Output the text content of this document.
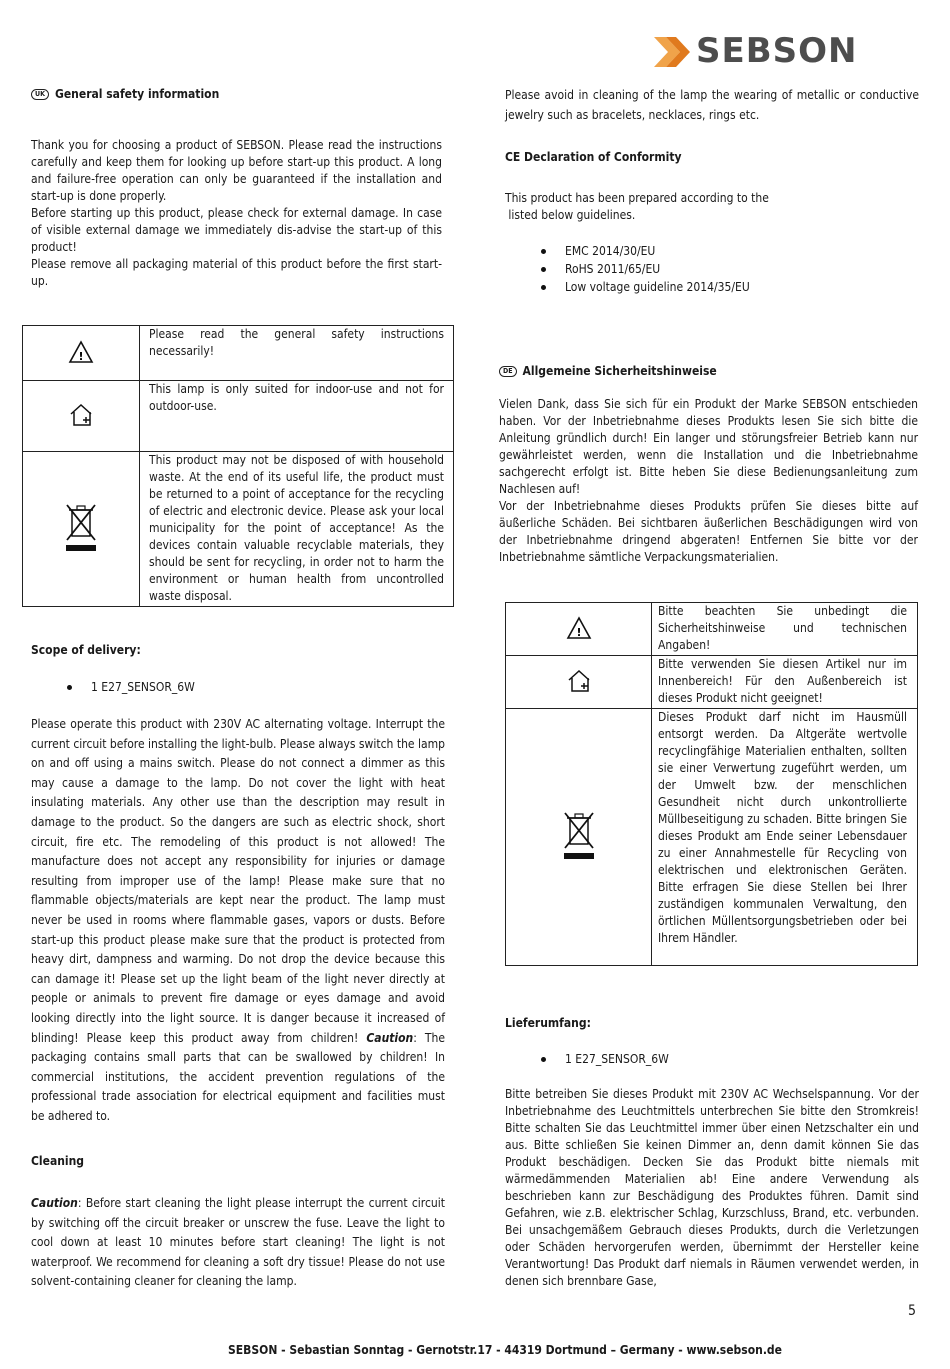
SEBSON
UK General safety information

Thank you for choosing a product of SEBSON. Please read the instructions carefully and keep them for looking up before start-up this product. A long and failure-free operation can only be guaranteed if the installation and start-up is done properly.

Before starting up this product, please check for external damage. In case of visible external damage we immediately dis-advise the start-up of this product!

Please remove all packaging material of this product before the first start-up.

!	Please read the general safety instructions necessarily!
	This lamp is only suited for indoor-use and not for outdoor-use.
	This product may not be disposed of with household waste. At the end of its useful life, the product must be returned to a point of acceptance for the recycling of electric and electronic device. Please ask your local municipality for the point of acceptance! As the devices contain valuable recyclable materials, they should be sent for recycling, in order not to harm the environment or human health from uncontrolled waste disposal.
Scope of delivery:
1 E27_SENSOR_6W
Please operate this product with 230V AC alternating voltage. Interrupt the current circuit before installing the light-bulb. Please always switch the lamp on and off using a mains switch. Please do not connect a dimmer as this may cause a damage to the lamp. Do not cover the light with heat insulating materials. Any other use than the description may result in damage to the product. So the dangers are such as electric shock, short circuit, fire etc. The remodeling of this product is not allowed! The manufacture does not accept any responsibility for injuries or damage resulting from improper use of the lamp! Please make sure that no flammable objects/materials are kept near the product. The lamp must never be used in rooms where flammable gases, vapors or dusts. Before start-up this product please make sure that the product is protected from heavy dirt, dampness and warming. Do not drop the device because this can damage it! Please set up the light beam of the light never directly at people or animals to prevent fire damage or eyes damage and avoid looking directly into the light source. It is danger because it increased of blinding! Please keep this product away from children! Caution: The packaging contains small parts that can be swallowed by children! In commercial institutions, the accident prevention regulations of the professional trade association for electrical equipment and facilities must be adhered to.
Cleaning
Caution: Before start cleaning the light please interrupt the current circuit by switching off the circuit breaker or unscrew the fuse. Leave the light to cool down at least 10 minutes before start cleaning! The light is not waterproof. We recommend for cleaning a soft dry tissue! Please do not use solvent-containing cleaner for cleaning the lamp.
Please avoid in cleaning of the lamp the wearing of metallic or conductive jewelry such as bracelets, necklaces, rings etc.
CE Declaration of Conformity

This product has been prepared according to the

listed below guidelines.

EMC 2014/30/EU
RoHS 2011/65/EU
Low voltage guideline 2014/35/EU
DE Allgemeine Sicherheitshinweise

Vielen Dank, dass Sie sich für ein Produkt der Marke SEBSON entschieden haben. Vor der Inbetriebnahme dieses Produkts lesen Sie sich bitte die Anleitung gründlich durch! Ein langer und störungsfreier Betrieb kann nur gewährleistet werden, wenn die Installation und die Inbetriebnahme sachgerecht erfolgt ist. Bitte heben Sie diese Bedienungsanleitung zum Nachlesen auf!

Vor der Inbetriebnahme dieses Produkts prüfen Sie dieses bitte auf äußerliche Schäden. Bei sichtbaren äußerlichen Beschädigungen wird von der Inbetriebnahme dringend abgeraten! Entfernen Sie bitte vor der Inbetriebnahme sämtliche Verpackungsmaterialien.

!	Bitte beachten Sie unbedingt die Sicherheitshinweise und technischen Angaben!
	Bitte verwenden Sie diesen Artikel nur im Innenbereich! Für den Außenbereich ist dieses Produkt nicht geeignet!
	Dieses Produkt darf nicht im Hausmüll entsorgt werden. Da Altgeräte wertvolle recyclingfähige Materialien enthalten, sollten sie einer Verwertung zugeführt werden, um der Umwelt bzw. der menschlichen Gesundheit nicht durch unkontrollierte Müllbeseitigung zu schaden. Bitte bringen Sie dieses Produkt am Ende seiner Lebensdauer zu einer Annahmestelle für Recycling von elektrischen und elektronischen Geräten. Bitte erfragen Sie diese Stellen bei Ihrer zuständigen kommunalen Verwaltung, den örtlichen Müllentsorgungsbetrieben oder bei Ihrem Händler.
Lieferumfang:
1 E27_SENSOR_6W
Bitte betreiben Sie dieses Produkt mit 230V AC Wechselspannung. Vor der Inbetriebnahme des Leuchtmittels unterbrechen Sie bitte den Stromkreis! Bitte schalten Sie das Leuchtmittel immer über einen Netzschalter ein und aus. Bitte schließen Sie keinen Dimmer an, denn damit können Sie das Produkt beschädigen. Decken Sie das Produkt bitte niemals mit wärmedämmenden Materialien ab! Eine andere Verwendung als beschrieben kann zur Beschädigung des Produktes führen. Damit sind Gefahren, wie z.B. elektrischer Schlag, Kurzschluss, Brand, etc. verbunden. Bei unsachgemäßem Gebrauch dieses Produkts, durch die Verletzungen oder Schäden hervorgerufen werden, übernimmt der Hersteller keine Verantwortung! Das Produkt darf niemals in Räumen verwendet werden, in denen sich brennbare Gase,
5
SEBSON - Sebastian Sonntag - Gernotstr.17 - 44319 Dortmund – Germany - www.sebson.de
